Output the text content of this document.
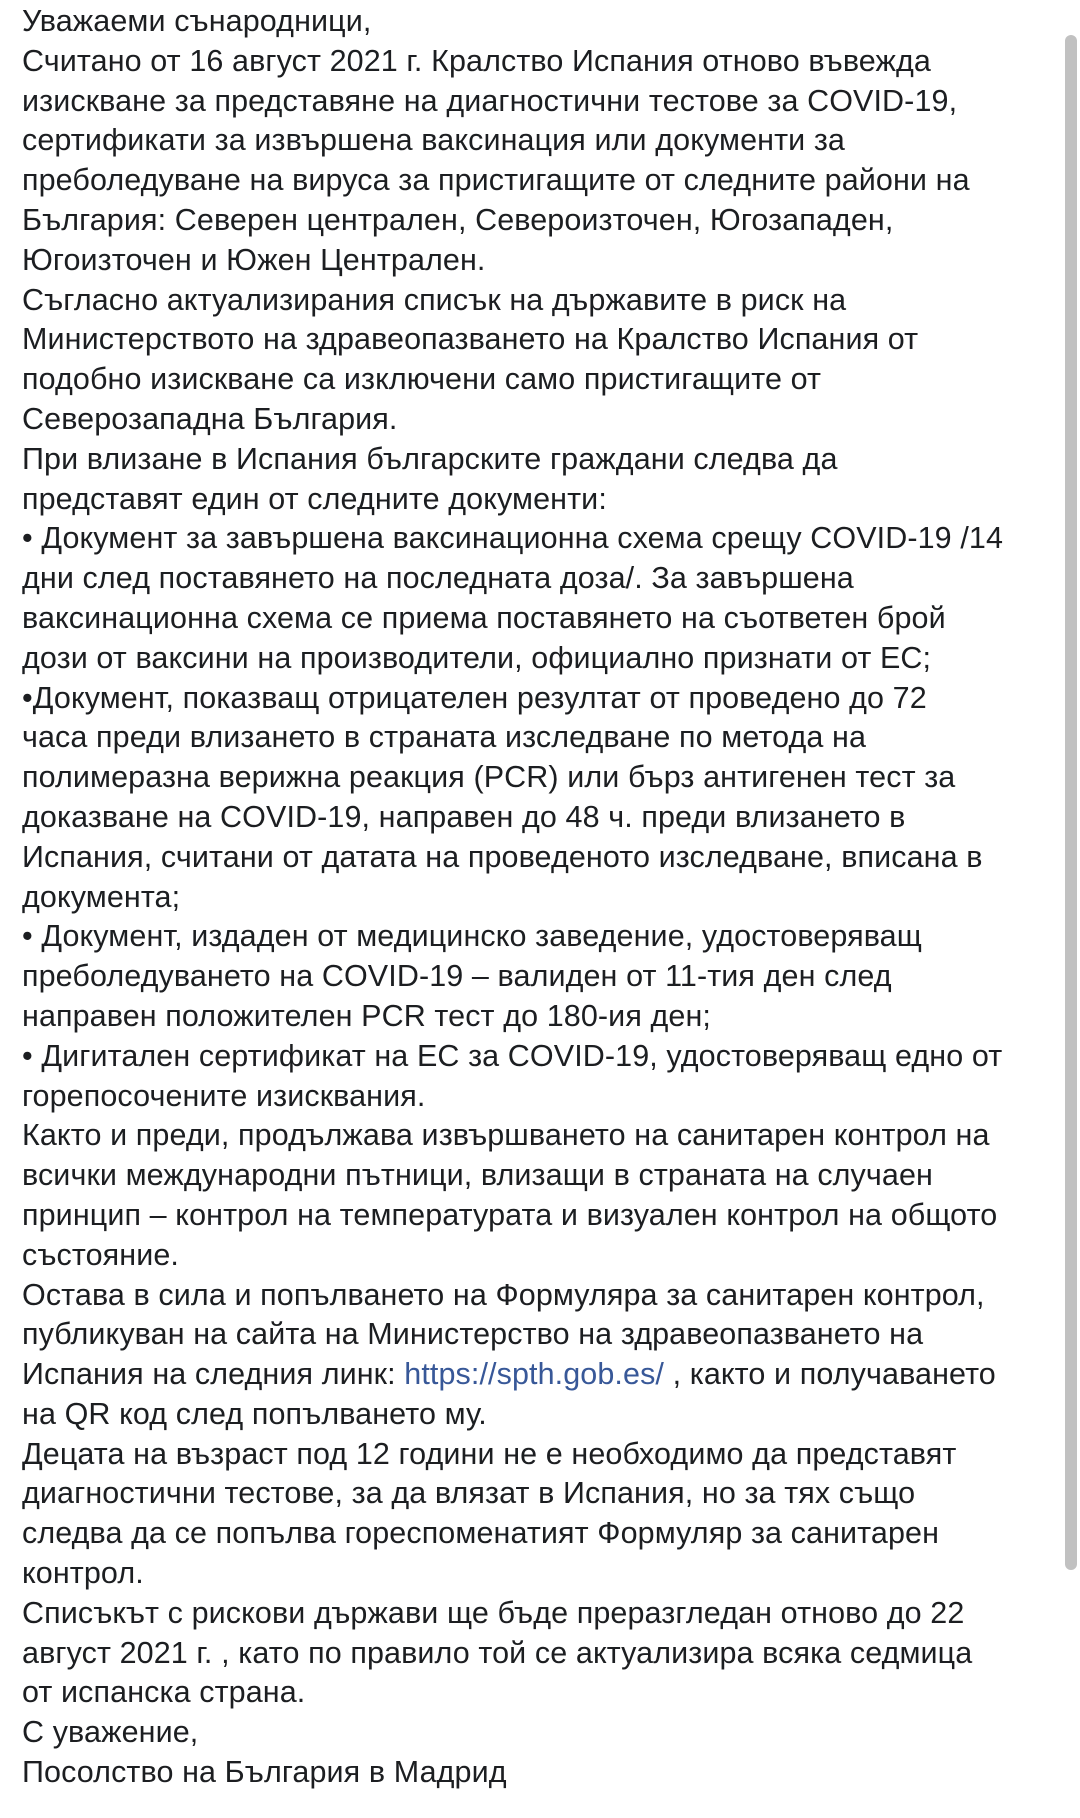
Уважаеми сънародници,
Считано от 16 август 2021 г. Кралство Испания отново въвежда
изискване за представяне на диагностични тестове за COVID-19,
сертификати за извършена ваксинация или документи за
преболедуване на вируса за пристигащите от следните райони на
България: Северен централен, Североизточен, Югозападен,
Югоизточен и Южен Централен.
Съгласно актуализирания списък на държавите в риск на
Министерството на здравеопазването на Кралство Испания от
подобно изискване са изключени само пристигащите от
Северозападна България.
При влизане в Испания българските граждани следва да
представят един от следните документи:
• Документ за завършена ваксинационна схема срещу COVID-19 /14
дни след поставянето на последната доза/. За завършена
ваксинационна схема се приема поставянето на съответен брой
дози от ваксини на производители, официално признати от ЕС;
•Документ, показващ отрицателен резултат от проведено до 72
часа преди влизането в страната изследване по метода на
полимеразна верижна реакция (PCR) или бърз антигенен тест за
доказване на COVID-19, направен до 48 ч. преди влизането в
Испания, считани от датата на проведеното изследване, вписана в
документа;
• Документ, издаден от медицинско заведение, удостоверяващ
преболедуването на COVID-19 – валиден от 11-тия ден след
направен положителен PCR тест до 180-ия ден;
• Дигитален сертификат на ЕС за COVID-19, удостоверяващ едно от
горепосочените изисквания.
Както и преди, продължава извършването на санитарен контрол на
всички международни пътници, влизащи в страната на случаен
принцип – контрол на температурата и визуален контрол на общото
състояние.
Остава в сила и попълването на Формуляра за санитарен контрол,
публикуван на сайта на Министерство на здравеопазването на
Испания на следния линк: https://spth.gob.es/ , както и получаването
на QR код след попълването му.
Децата на възраст под 12 години не е необходимо да представят
диагностични тестове, за да влязат в Испания, но за тях също
следва да се попълва гореспоменатият Формуляр за санитарен
контрол.
Списъкът с рискови държави ще бъде преразгледан отново до 22
август 2021 г. , като по правило той се актуализира всяка седмица
от испанска страна.
С уважение,
Посолство на България в Мадрид
